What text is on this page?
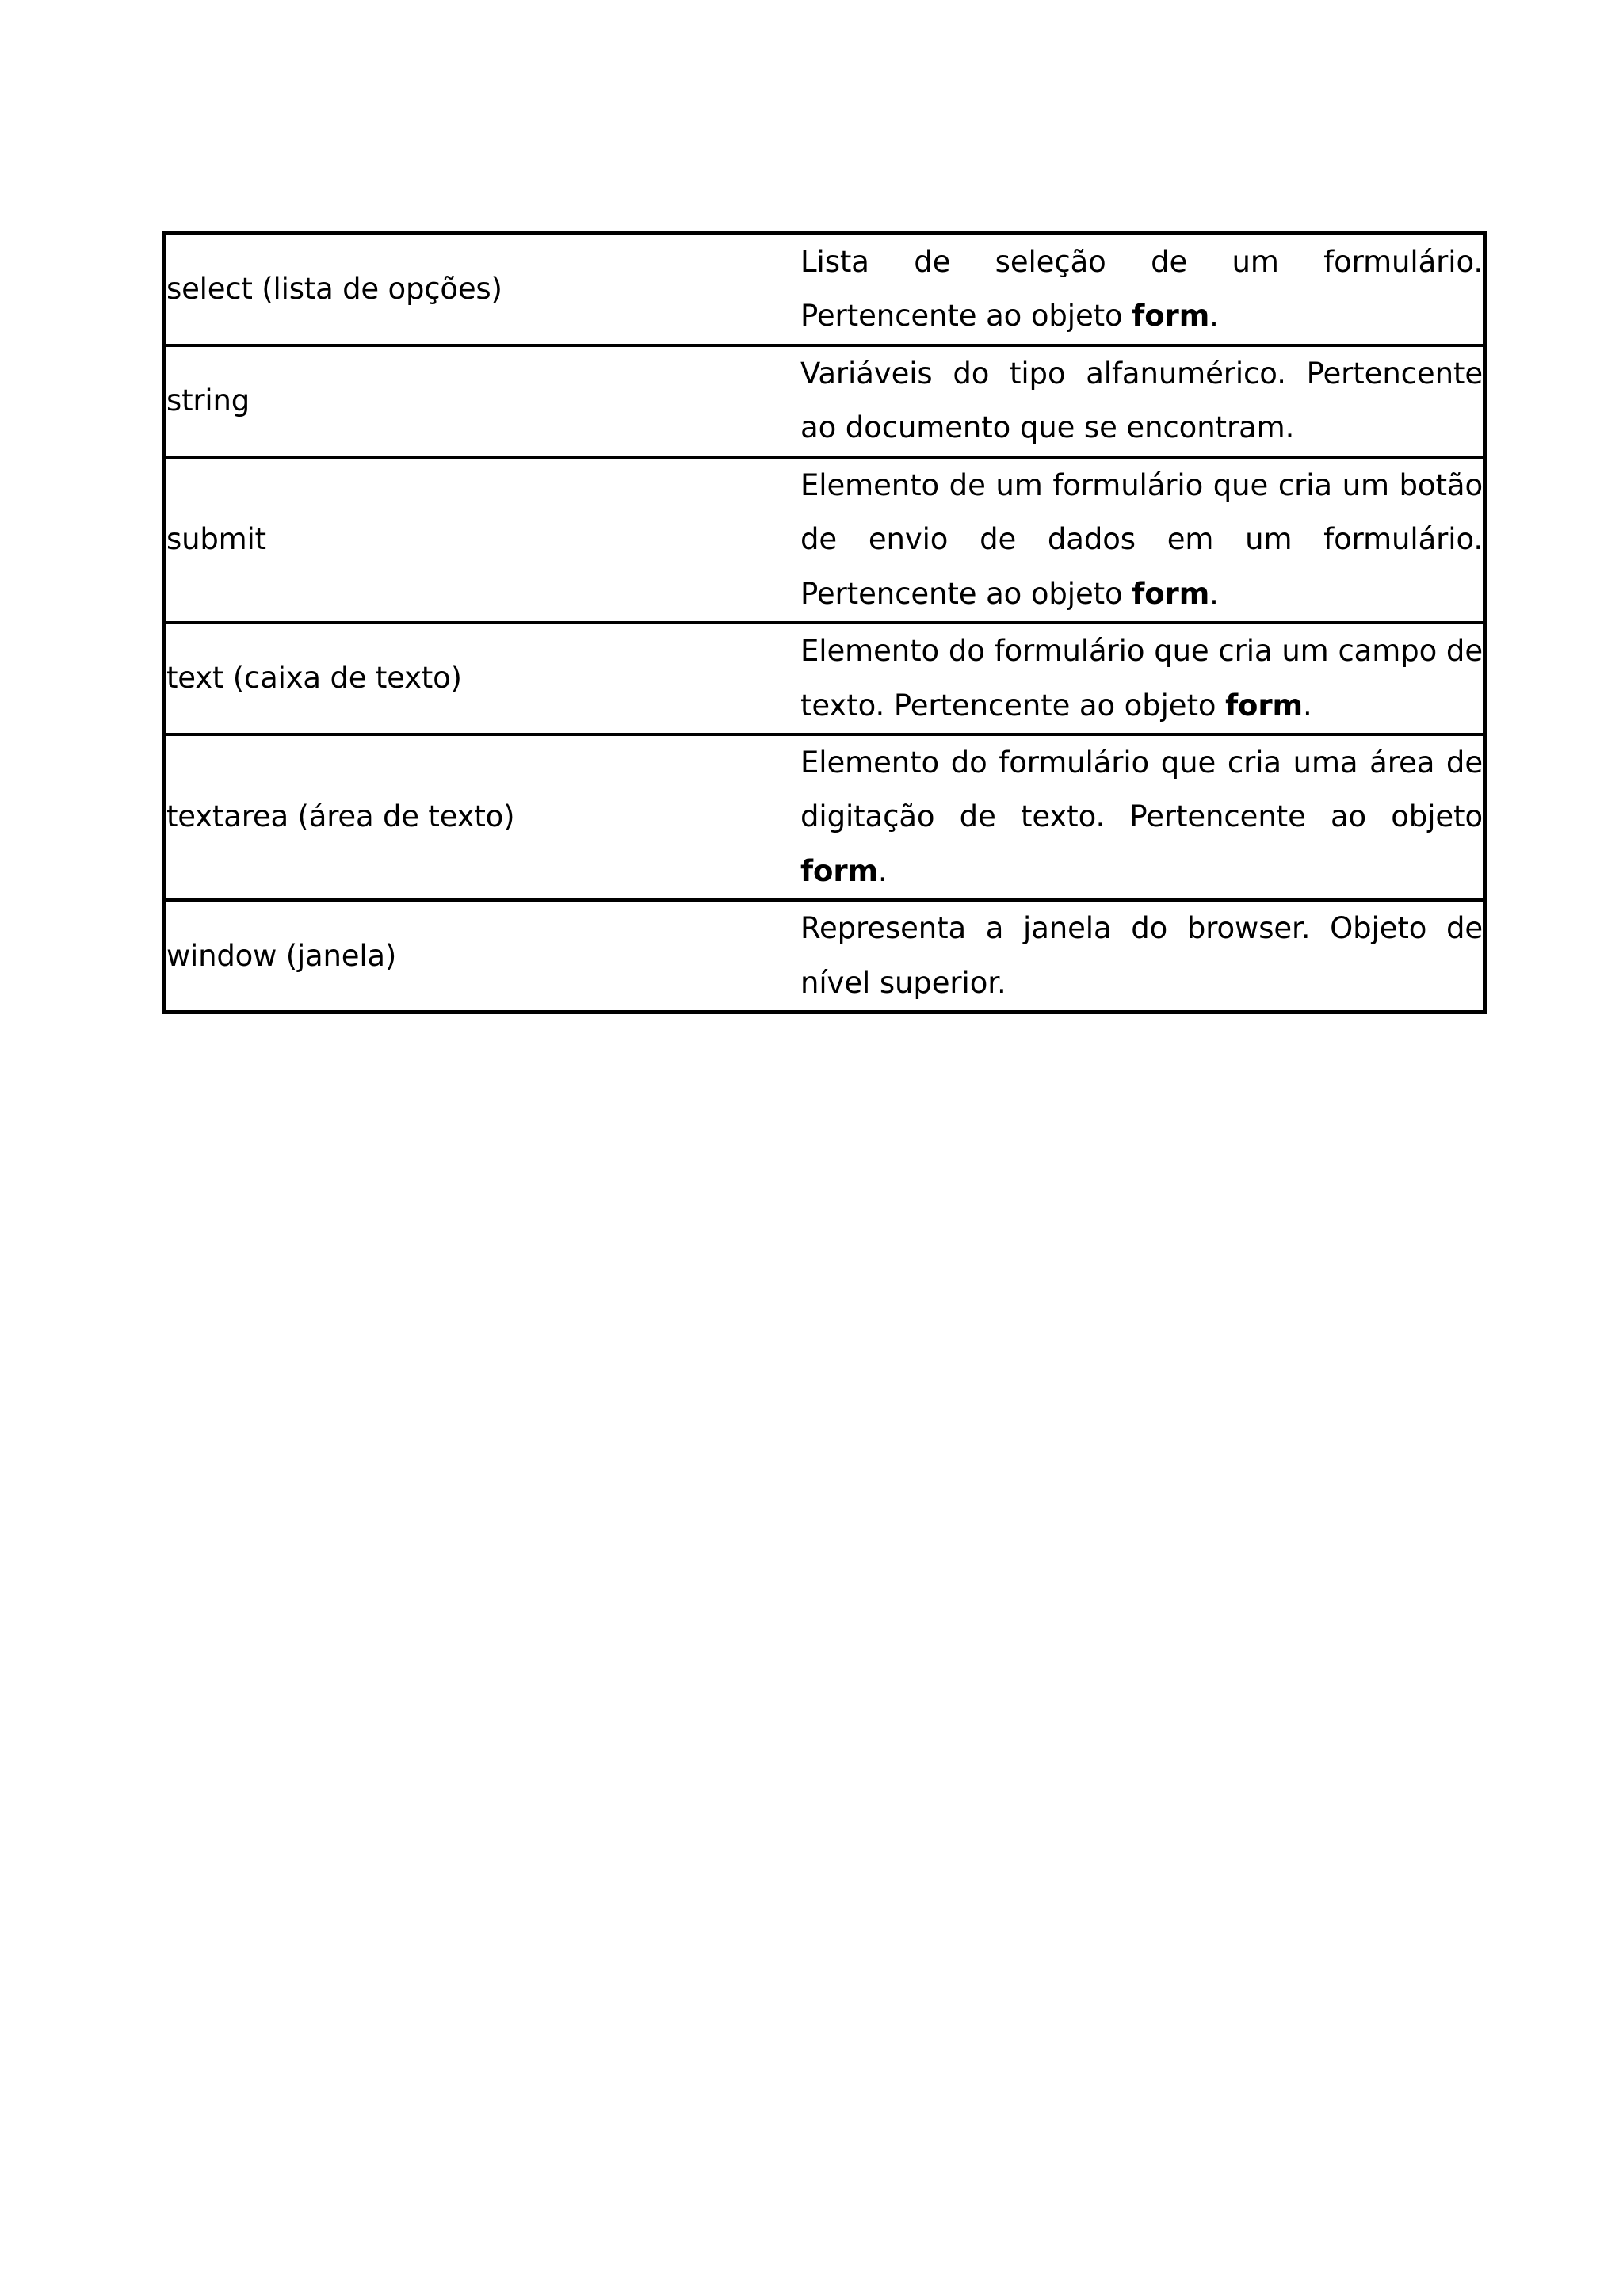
select (lista de opções)	Lista de seleção de um formulário. Pertencente ao objeto form.

string	Variáveis do tipo alfanumérico. Pertencente ao documento que se encontram.

submit	Elemento de um formulário que cria um botão de envio de dados em um formulário. Pertencente ao objeto form.

text (caixa de texto)	Elemento do formulário que cria um campo de texto. Pertencente ao objeto form.

textarea (área de texto)	Elemento do formulário que cria uma área de digitação de texto. Pertencente ao objeto form.

window (janela)	Representa a janela do browser. Objeto de nível superior.
